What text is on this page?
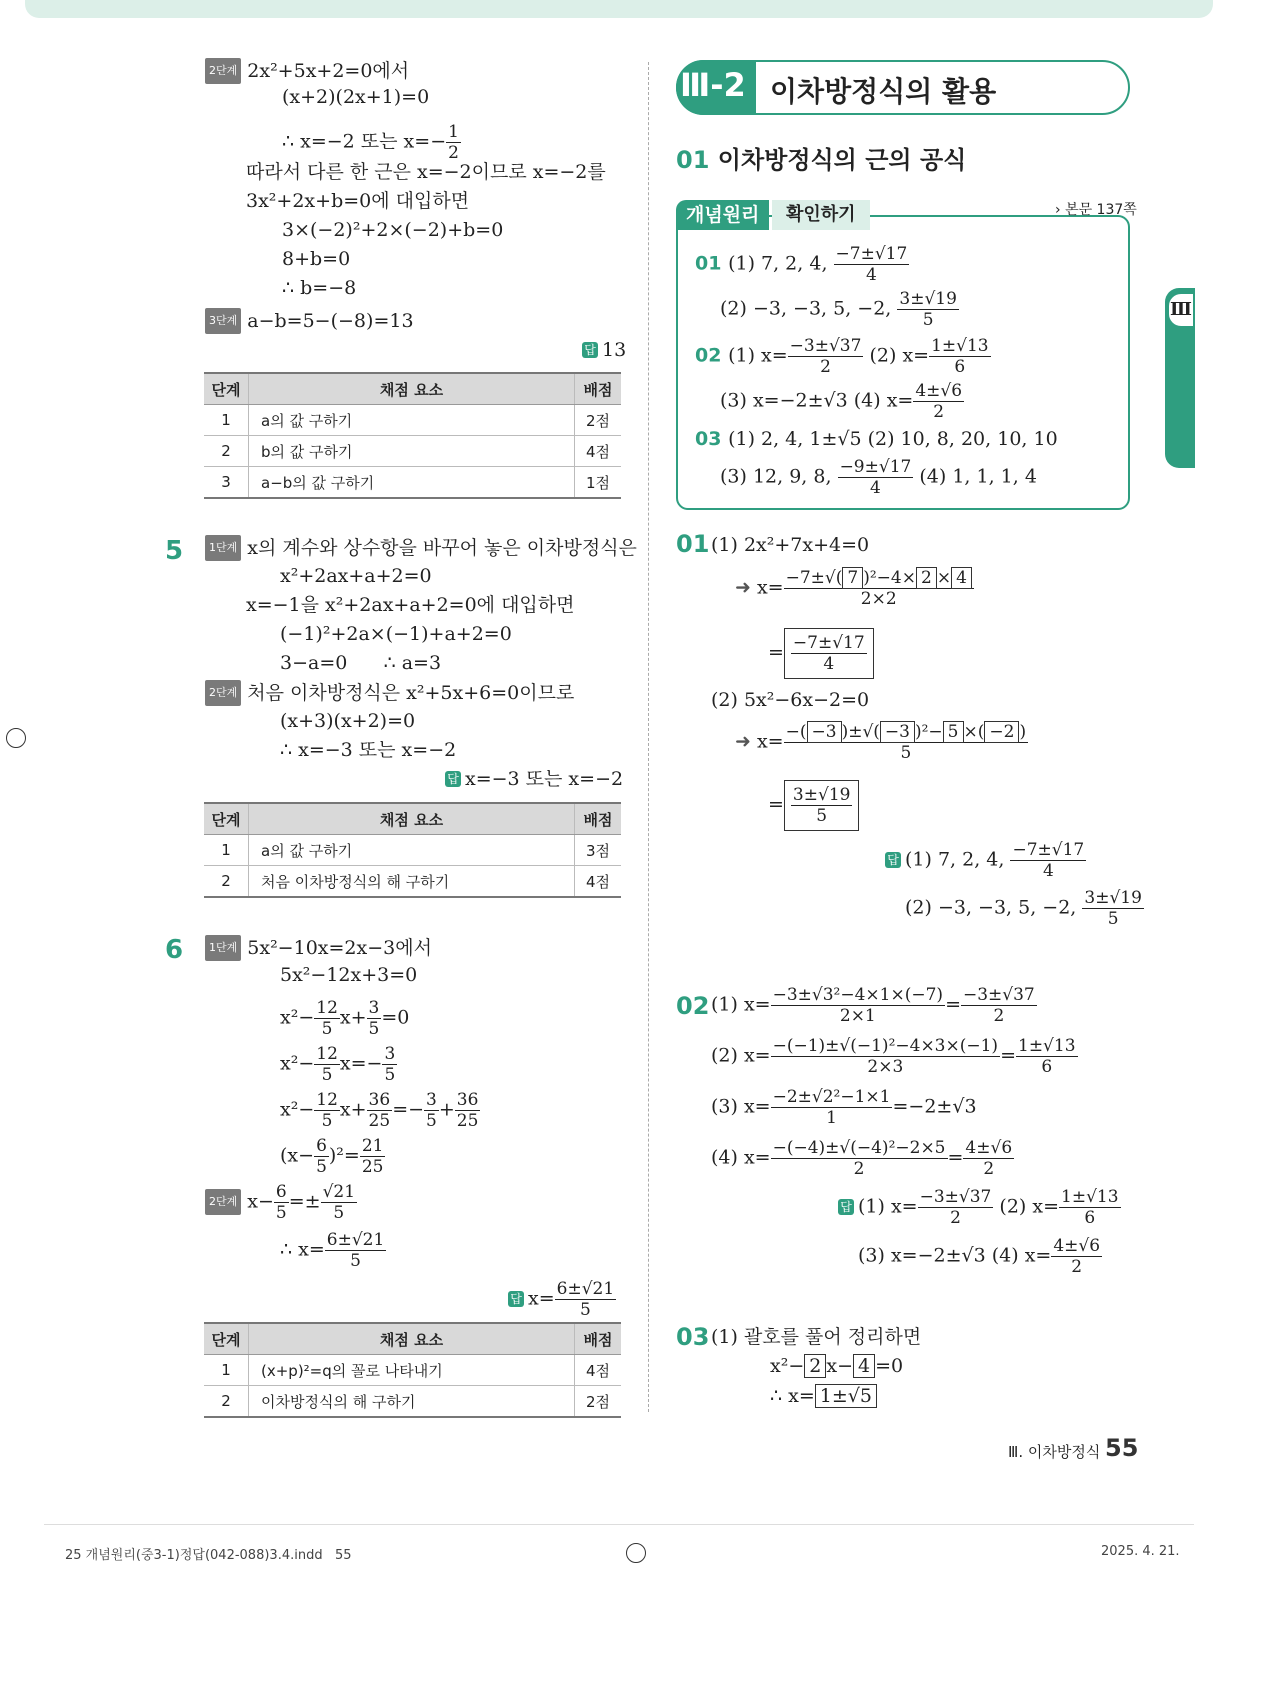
2단계 2x²+5x+2=0에서
(x+2)(2x+1)=0
∴ x=−2 또는 $x=- \frac{1}{2}$
따라서 다른 한 근은 x=−2이므로 x=−2를
3x²+2x+b=0에 대입하면
3×(−2)²+2×(−2)+b=0
8+b=0
∴ b=−8
3단계 a−b=5−(−8)=13
답 13
단계	채점 요소	배점
1	a의 값 구하기	2점
2	b의 값 구하기	4점
3	a−b의 값 구하기	1점
5	1단계 x의 계수와 상수항을 바꾸어 놓은 이차방정식은
x²+2ax+a+2=0
x=−1을 x²+2ax+a+2=0에 대입하면
(−1)²+2a×(−1)+a+2=0
3−a=0      ∴ a=3
2단계 처음 이차방정식은 x²+5x+6=0이므로
(x+3)(x+2)=0
∴ x=−3 또는 x=−2
답 x=−3 또는 x=−2
단계	채점 요소	배점
1	a의 값 구하기	3점
2	처음 이차방정식의 해 구하기	4점
6	1단계 5x²−10x=2x−3에서
5x²−12x+3=0
$x^2- \frac{12}{5} x+ \frac{3}{5} =0$
$x^2- \frac{12}{5} x=- \frac{3}{5}$
$x^2- \frac{12}{5} x+ \frac{36}{25} =- \frac{3}{5} + \frac{36}{25}$
$(x- \frac{6}{5} )^2= \frac{21}{25}$
2단계 $x- \frac{6}{5} =\pm \frac{√21}{5}$
∴ $x= \frac{6\pm√21}{5}$
답 $x= \frac{6\pm√21}{5}$
단계	채점 요소	배점
1	(x+p)²=q의 꼴로 나타내기	4점
2	이차방정식의 해 구하기	2점
Ⅲ-2 이차방정식의 활용
01 이차방정식의 근의 공식
개념원리	확인하기	› 본문 137쪽
01 (1) 7, 2, 4, $\frac{-7\pm√17}{4}$
(2) −3, −3, 5, −2, $\frac{3\pm√19}{5}$
02 (1) $x= \frac{-3\pm√37}{2} (2)$ $x= \frac{1\pm√13}{6}$
(3) x=−2±√3 (4) $x= \frac{4\pm√6}{2}$
03 (1) 2, 4, 1±√5 (2) 10, 8, 20, 10, 10
(3) 12, 9, 8, $\frac{-9\pm√17}{4} (4)$ 1, 1, 1, 4
01 (1) 2x²+7x+4=0
➜ $x= \frac{\text{−7±√( 7 )²−4× 2 × 4}}{2\times 2}$
= $\frac{-7\pm√17}{4}$
(2) 5x²−6x−2=0
➜ $x= \frac{\text{−( −3 )±√( −3 )²− 5 ×( −2 )}}{5}$
= $\frac{3\pm√19}{5}$
답 (1) 7, 2, 4, $\frac{-7\pm√17}{4}$
(2) −3, −3, 5, −2, $\frac{3\pm√19}{5}$
02 (1) $x= \frac{\text{−3±√3²−4×1×(−7)}}{2\times 1} = \frac{-3\pm√37}{2}$
(2) $x= \frac{\text{−(−1)±√(−1)²−4×3×(−1)}}{2\times 3} = \frac{1\pm√13}{6}$
(3) $x= \frac{\text{−2±√2²−1×1}}{1} =-2\pm√3$
(4) $x= \frac{\text{−(−4)±√(−4)²−2×5}}{2} = \frac{4\pm√6}{2}$
답 (1) $x= \frac{-3\pm√37}{2} (2)$ $x= \frac{1\pm√13}{6}$
(3) x=−2±√3 (4) $x= \frac{4\pm√6}{2}$
03 (1) 괄호를 풀어 정리하면
x²− 2 x− 4 =0
∴ x= 1±√5
Ⅲ
Ⅲ. 이차방정식 55
25 개념원리(중3-1)정답(042-088)3.4.indd   55	2025. 4. 21.
